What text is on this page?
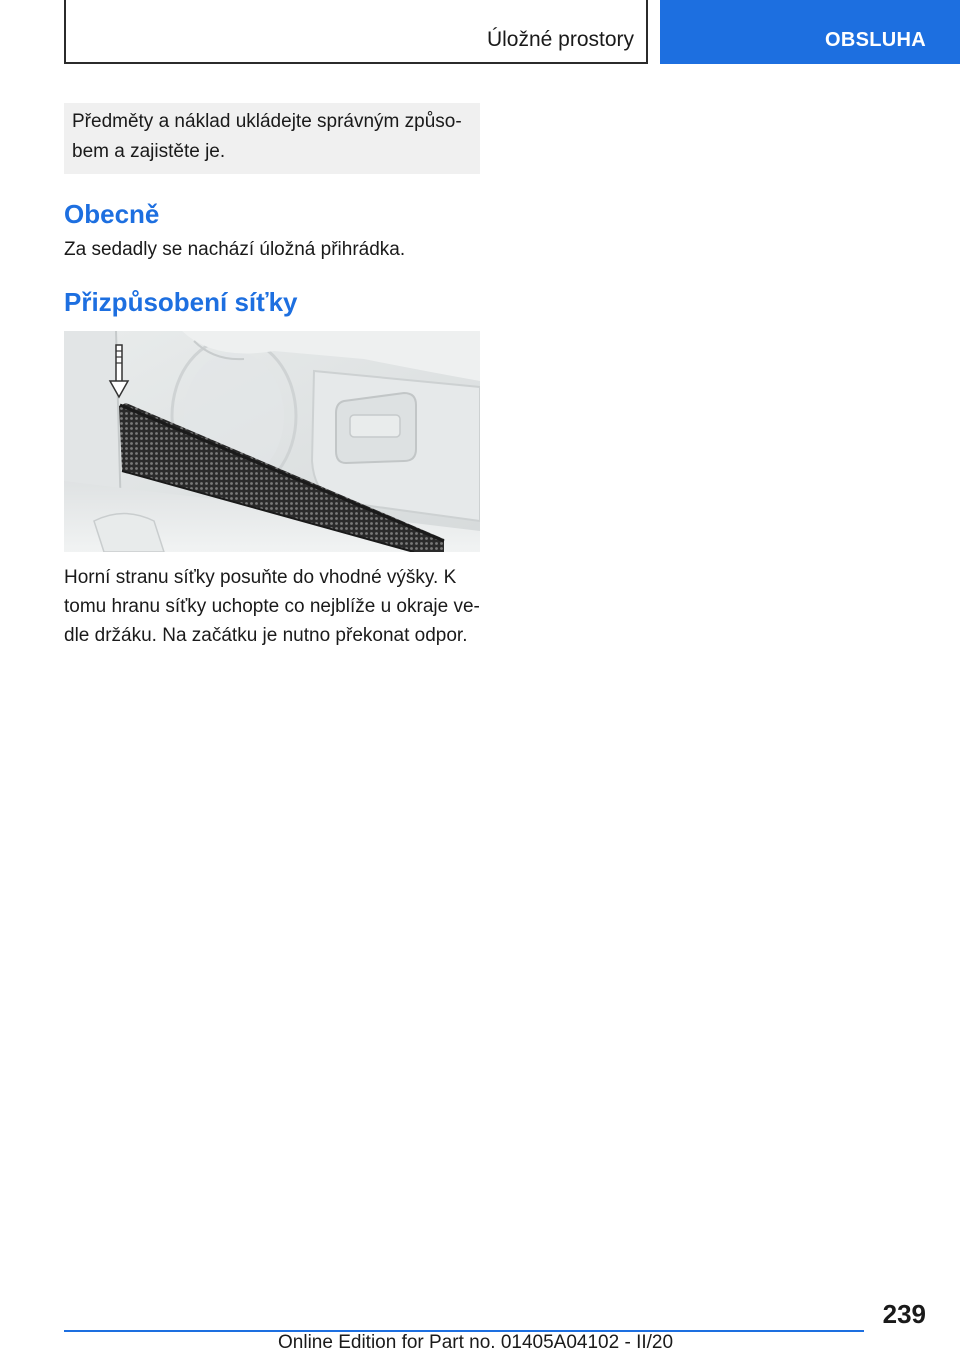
Úložné prostory	OBSLUHA
Předměty a náklad ukládejte správným způso-
bem a zajistěte je.
Obecně
Za sedadly se nachází úložná přihrádka.
Přizpůsobení síťky
Horní stranu síťky posuňte do vhodné výšky. K
tomu hranu síťky uchopte co nejblíže u okraje ve-
dle držáku. Na začátku je nutno překonat odpor.
239
Online Edition for Part no. 01405A04102 - II/20
